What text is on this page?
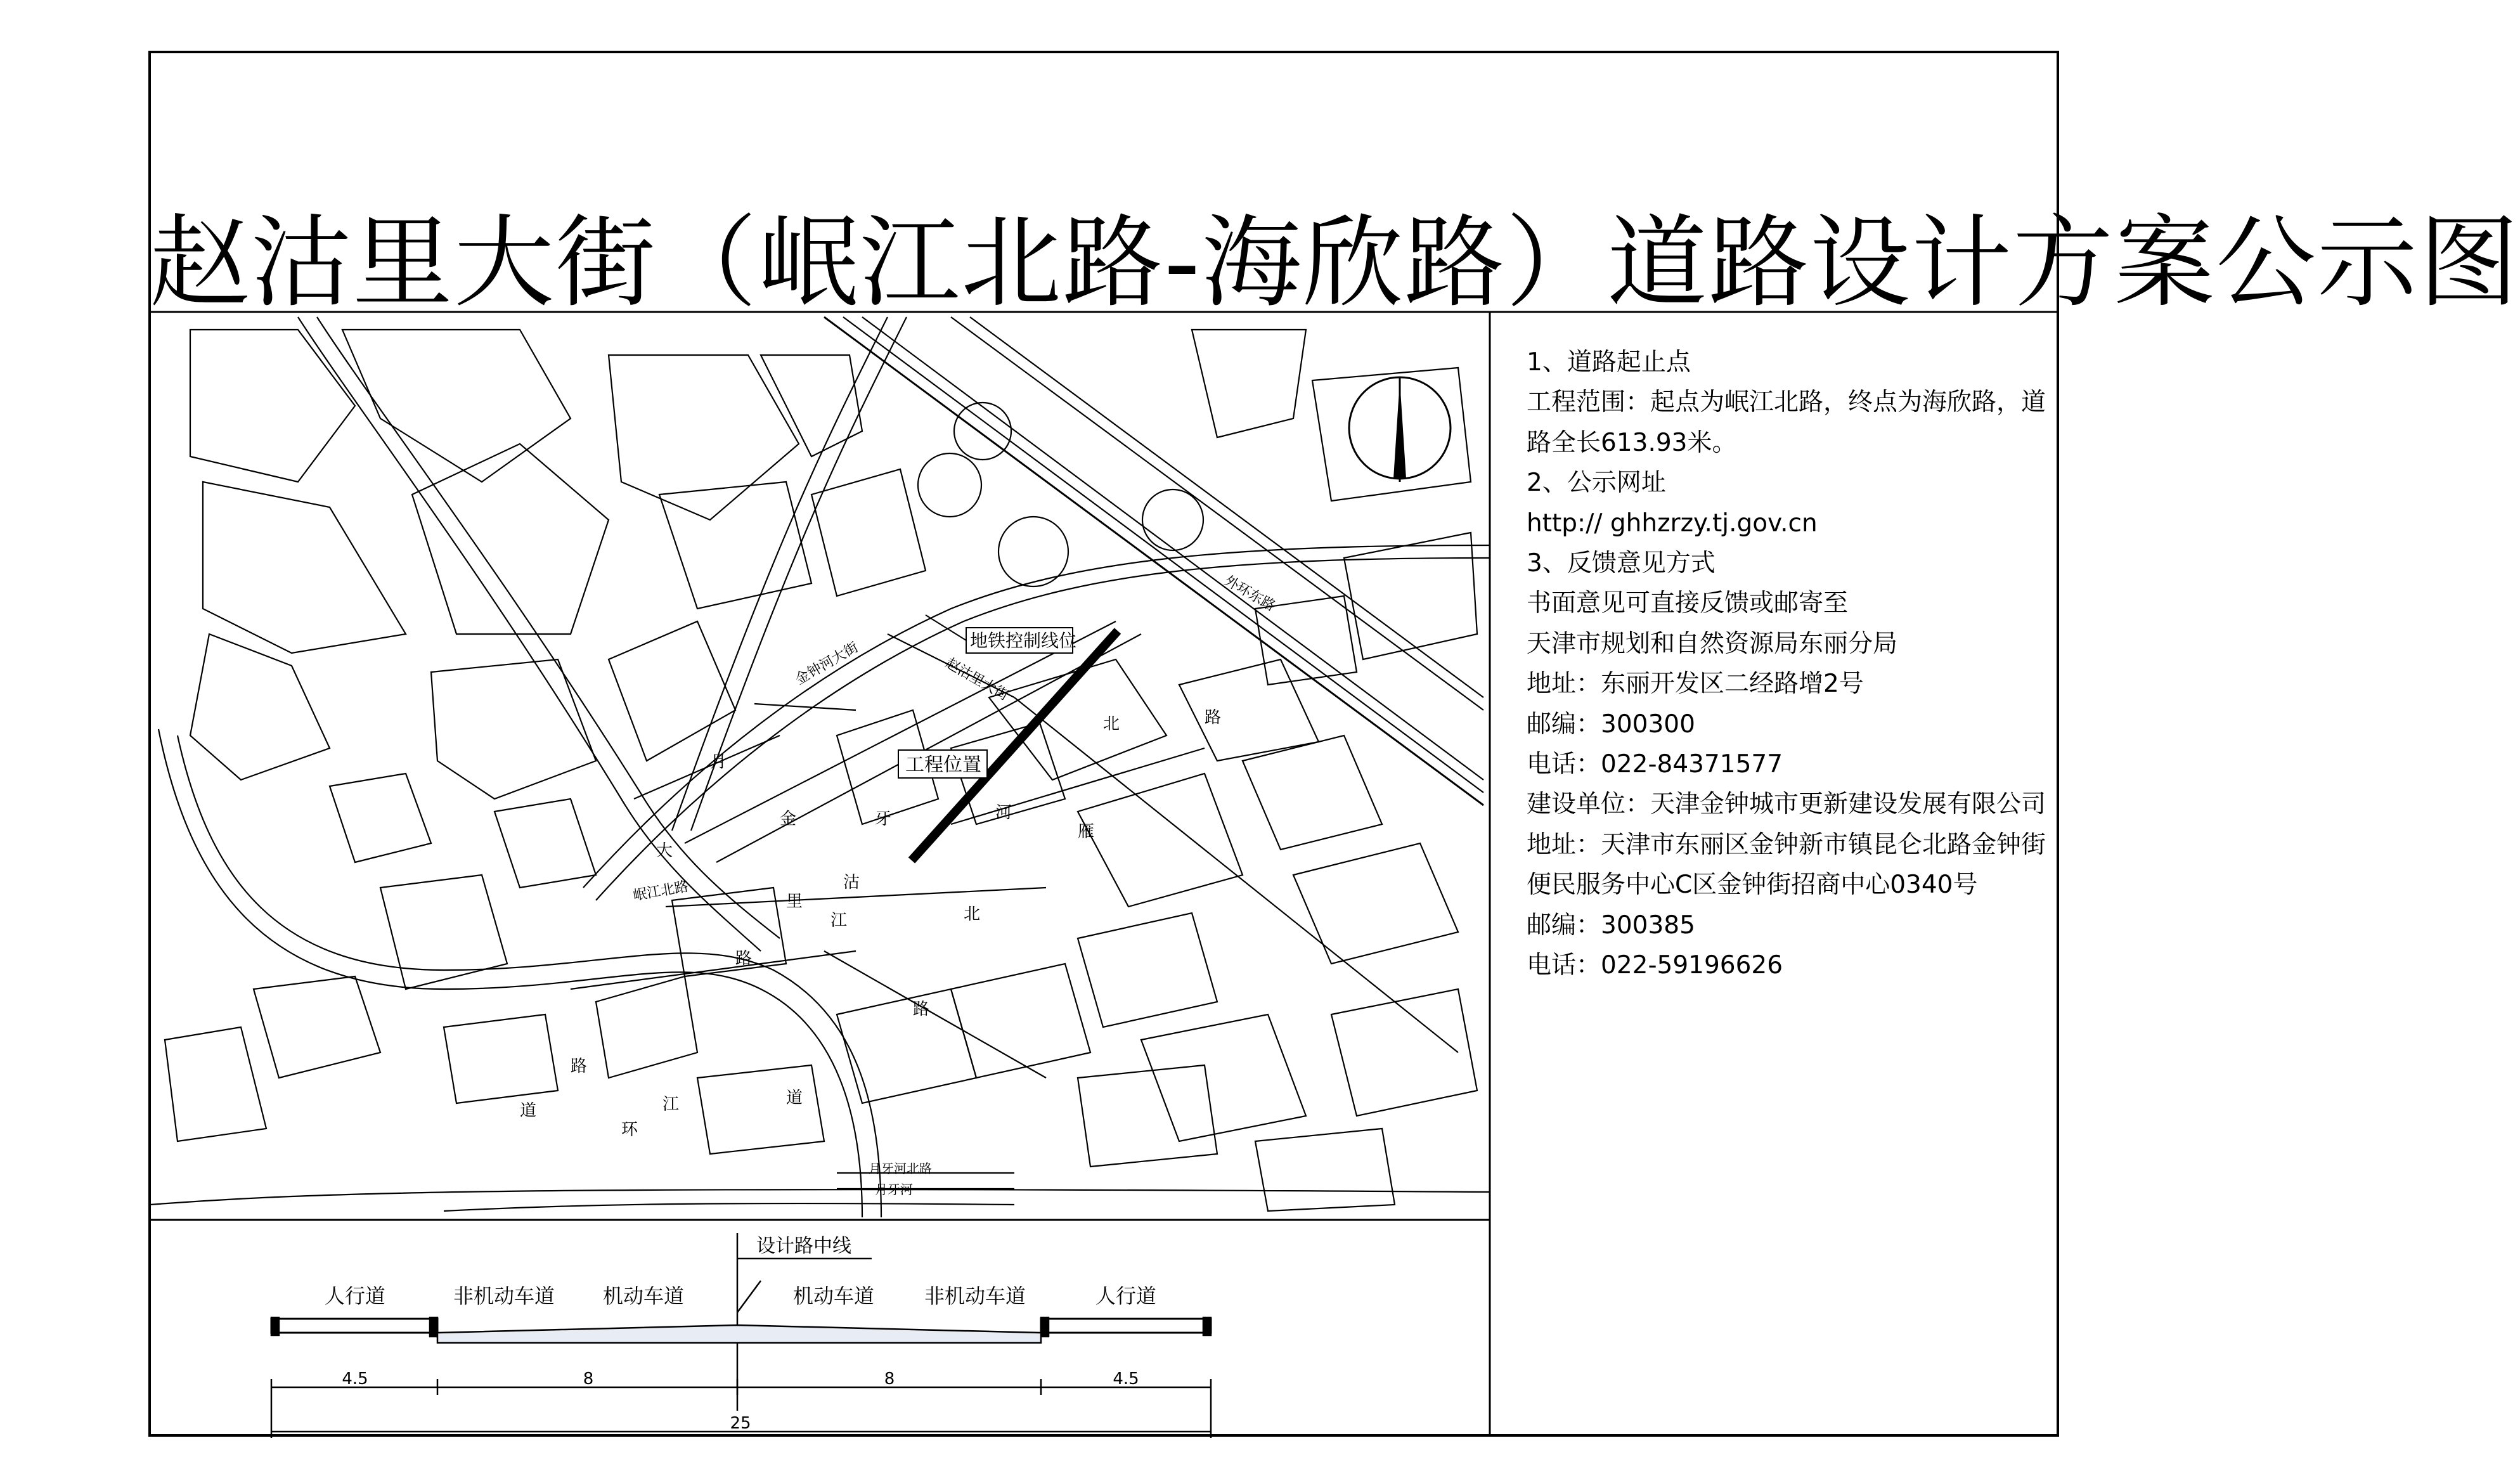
地铁控制线位
工程位置
外环东路
金钟河大街	赵沽里大街
岷江北路
月牙河北路
月牙河
大
道
路
江
北
金
沽
里
环
雁
路
道
路
江
月
牙	河
北	路
设计路中线
人行道	非机动车道 机动车道	机动车道 非机动车道	人行道
4.5	8	8	4.5
25
赵沽里大街（岷江北路-海欣路）道路设计方案公示图
1、道路起止点
工程范围：起点为岷江北路，终点为海欣路，道
路全长613.93米。
2、公示网址
http:// ghhzrzy.tj.gov.cn
3、反馈意见方式
书面意见可直接反馈或邮寄至
天津市规划和自然资源局东丽分局
地址：东丽开发区二经路增2号
邮编：300300
电话：022-84371577
建设单位：天津金钟城市更新建设发展有限公司
地址：天津市东丽区金钟新市镇昆仑北路金钟街
便民服务中心C区金钟街招商中心0340号
邮编：300385
电话：022-59196626
